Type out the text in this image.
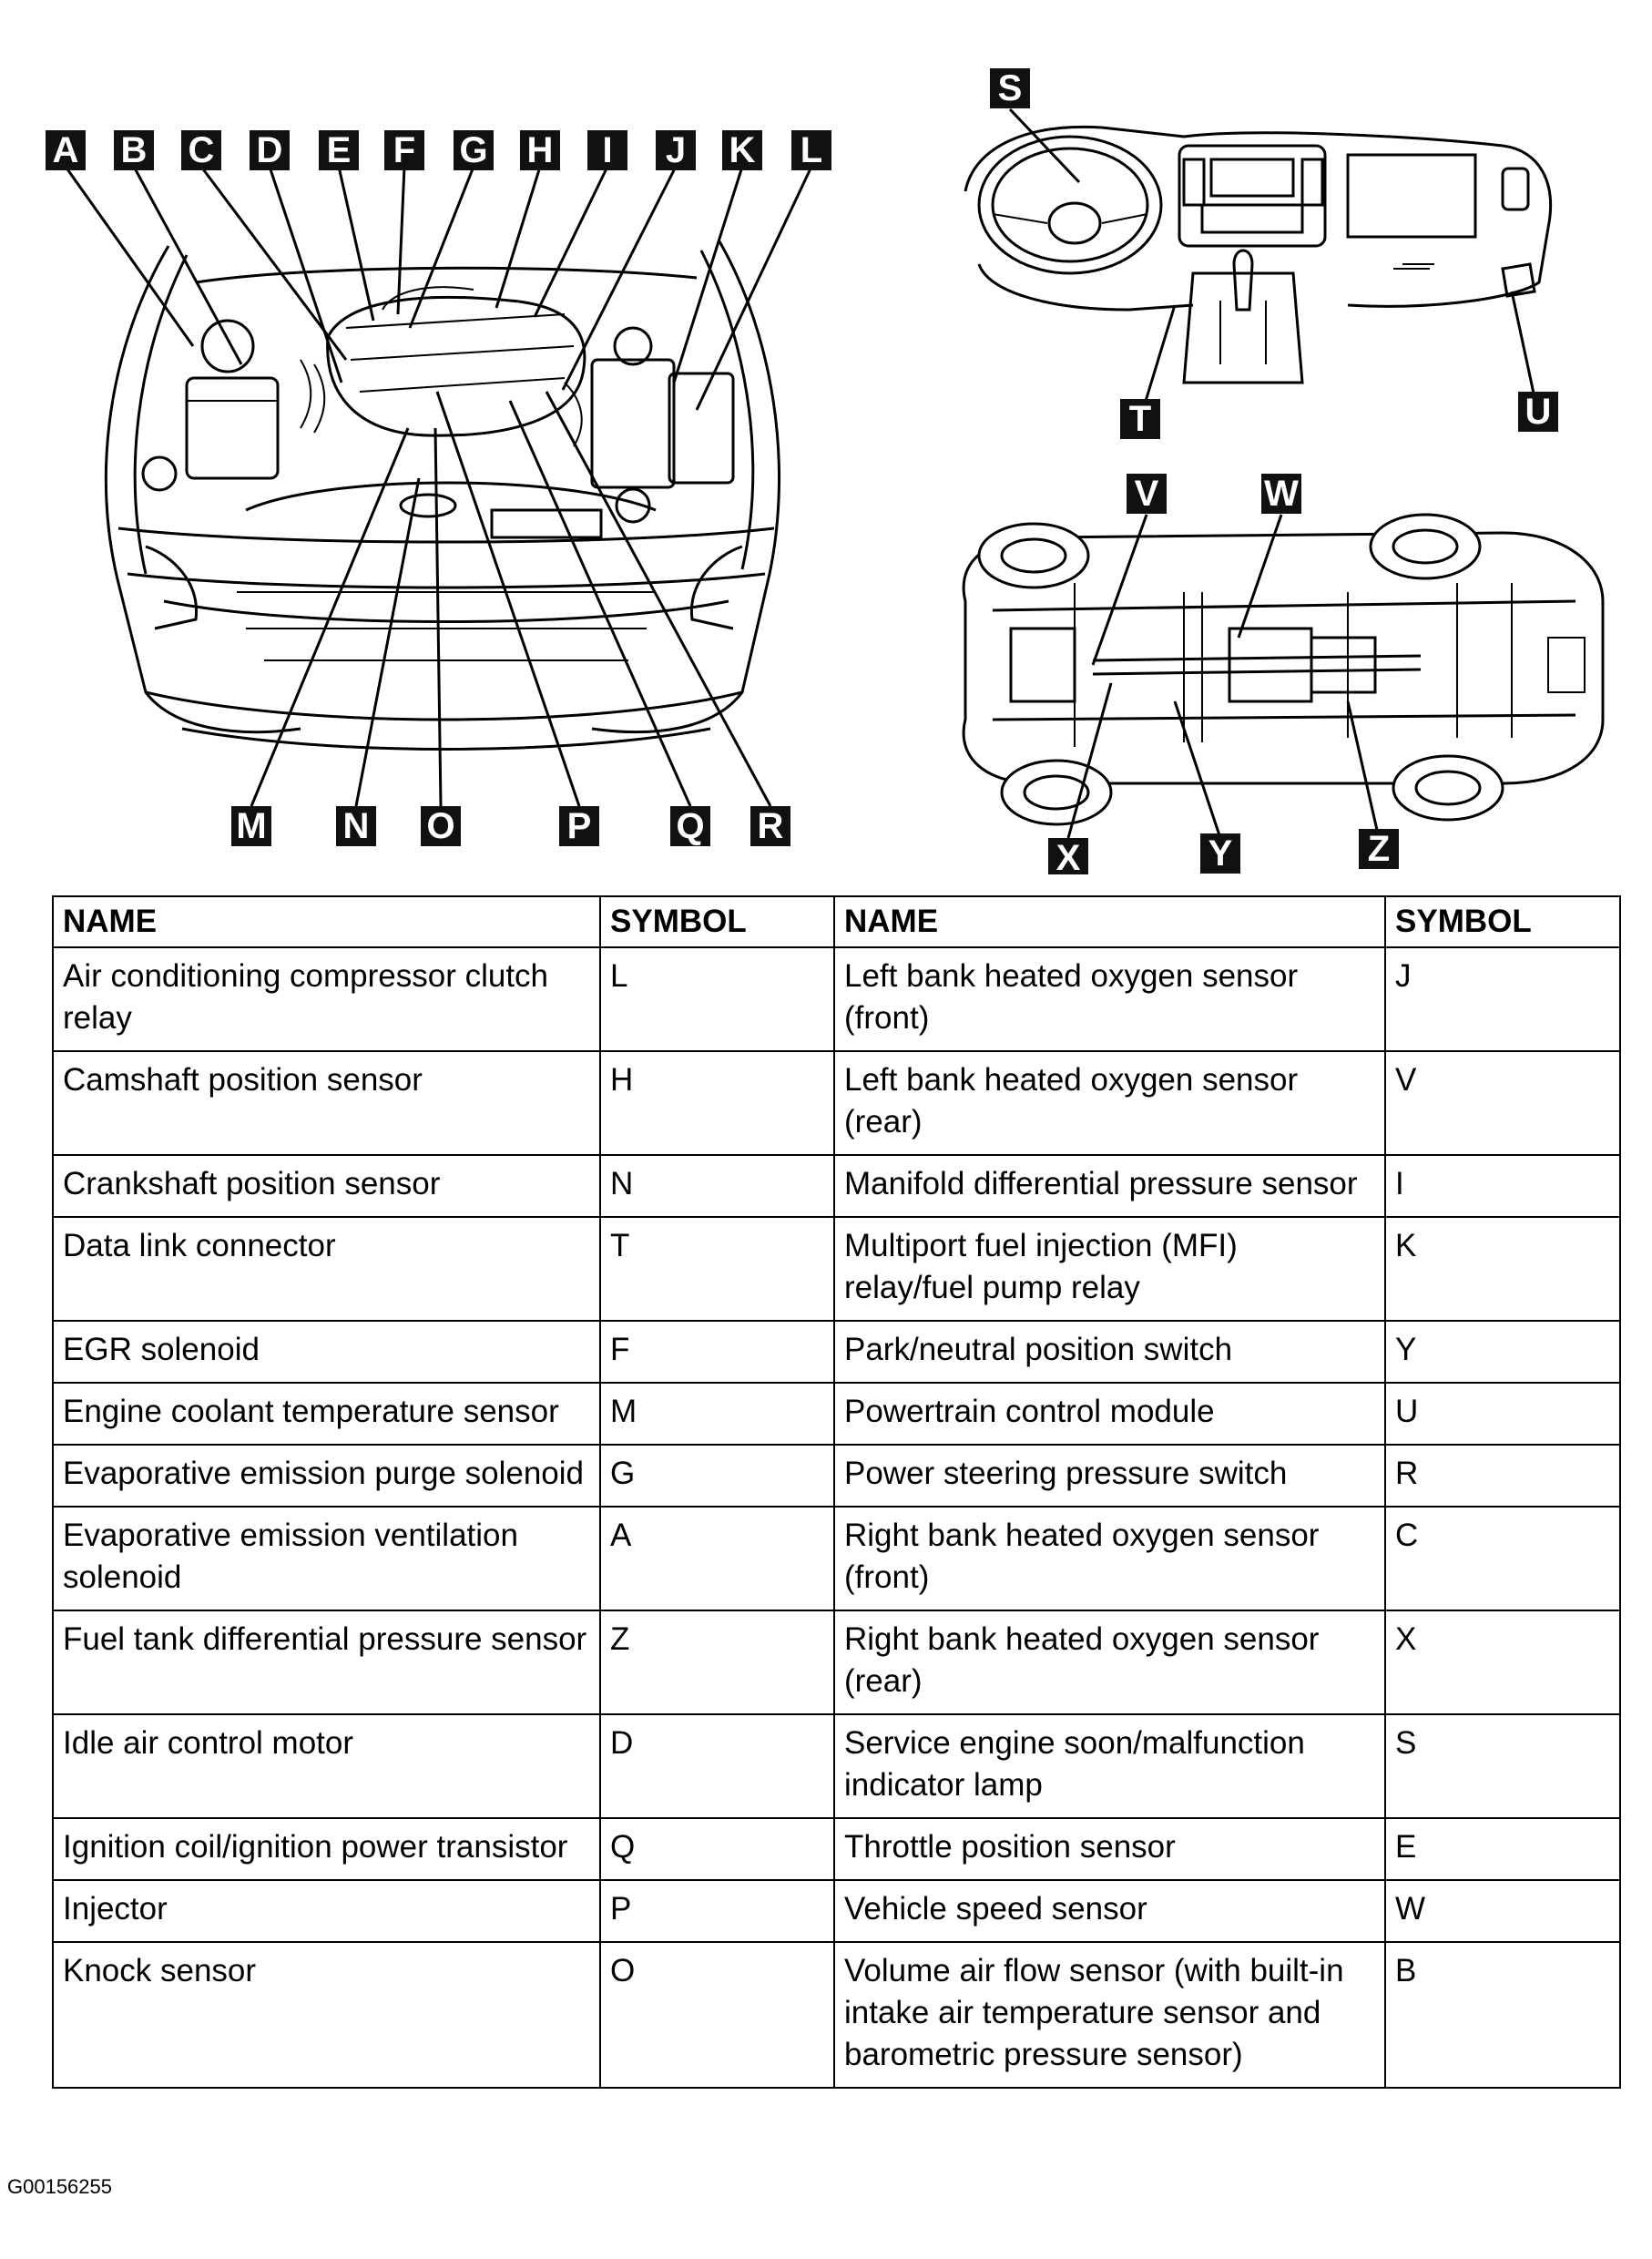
A B C D E F G H I J K L
M N O	P Q R
S
T	U
V	W
X	Y	Z
NAME	SYMBOL	NAME	SYMBOL
Air conditioning compressor clutch relay	L	Left bank heated oxygen sensor (front)	J
Camshaft position sensor	H	Left bank heated oxygen sensor (rear)	V
Crankshaft position sensor	N	Manifold differential pressure sensor	I
Data link connector	T	Multiport fuel injection (MFI) relay/fuel pump relay	K
EGR solenoid	F	Park/neutral position switch	Y
Engine coolant temperature sensor	M	Powertrain control module	U
Evaporative emission purge solenoid	G	Power steering pressure switch	R
Evaporative emission ventilation solenoid	A	Right bank heated oxygen sensor (front)	C
Fuel tank differential pressure sensor	Z	Right bank heated oxygen sensor (rear)	X
Idle air control motor	D	Service engine soon/malfunction indicator lamp	S
Ignition coil/ignition power transistor	Q	Throttle position sensor	E
Injector	P	Vehicle speed sensor	W
Knock sensor	O	Volume air flow sensor (with built-in intake air temperature sensor and barometric pressure sensor)	B
G00156255
